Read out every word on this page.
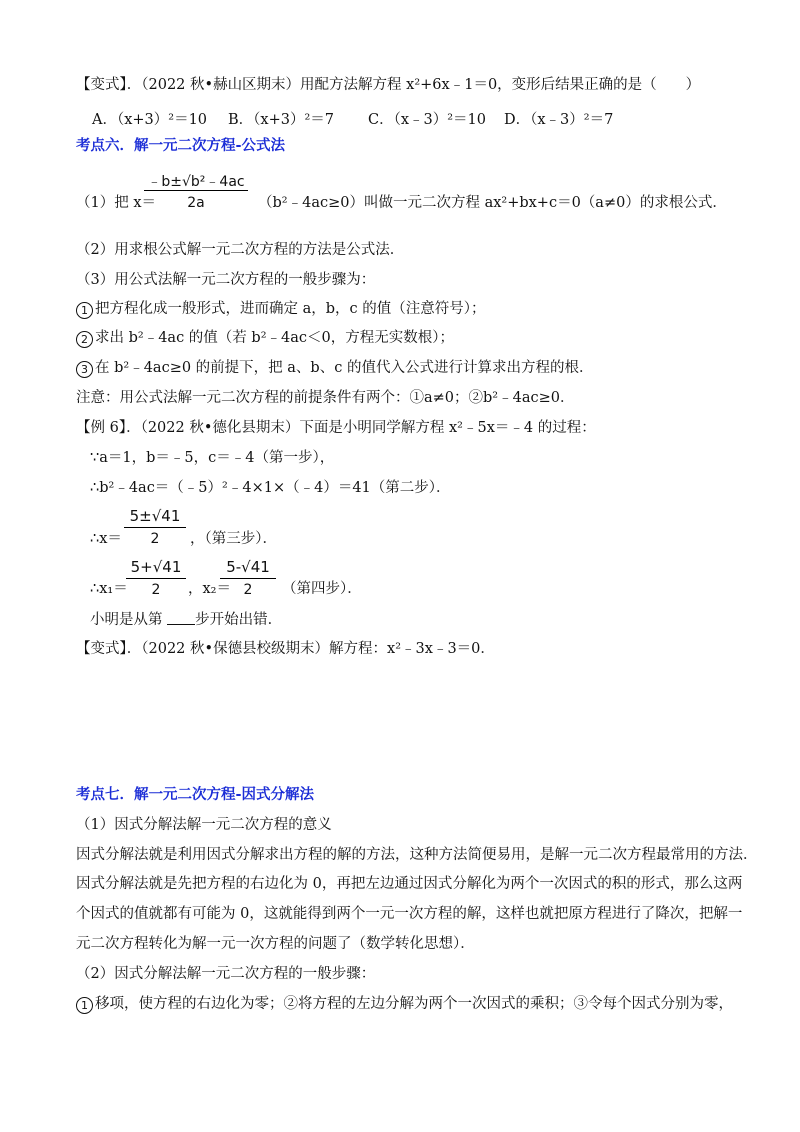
【变式】．（2022 秋•赫山区期末）用配方法解方程 x²+6x﹣1＝0，变形后结果正确的是（　　）
A．（x+3）²＝10 B．（x+3）²＝7 C．（x﹣3）²＝10 D．（x﹣3）²＝7
考点六．解一元二次方程-公式法
（1）把 x＝
﹣b±√b²﹣4ac
2a	（b²﹣4ac≥0）叫做一元二次方程 ax²+bx+c＝0（a≠0）的求根公式．
（2）用求根公式解一元二次方程的方法是公式法．
（3）用公式法解一元二次方程的一般步骤为：
1 把方程化成一般形式，进而确定 a，b，c 的值（注意符号）；
2 求出 b²﹣4ac 的值（若 b²﹣4ac＜0，方程无实数根）；
3 在 b²﹣4ac≥0 的前提下，把 a、b、c 的值代入公式进行计算求出方程的根．
注意：用公式法解一元二次方程的前提条件有两个：①a≠0；②b²﹣4ac≥0．
【例 6】．（2022 秋•德化县期末）下面是小明同学解方程 x²﹣5x＝﹣4 的过程：
∵a＝1，b＝﹣5，c＝﹣4（第一步），
∴b²﹣4ac＝（﹣5）²﹣4×1×（﹣4）＝41（第二步）．
∴x＝
5±√41
2	，（第三步）．
∴x₁＝
5+√41
2	，x₂＝
5-√41
2	（第四步）．
小明是从第 步开始出错．
【变式】．（2022 秋•保德县校级期末）解方程：x²﹣3x﹣3＝0．
考点七．解一元二次方程-因式分解法
（1）因式分解法解一元二次方程的意义
因式分解法就是利用因式分解求出方程的解的方法，这种方法简便易用，是解一元二次方程最常用的方法．
因式分解法就是先把方程的右边化为 0，再把左边通过因式分解化为两个一次因式的积的形式，那么这两
个因式的值就都有可能为 0，这就能得到两个一元一次方程的解，这样也就把原方程进行了降次，把解一
元二次方程转化为解一元一次方程的问题了（数学转化思想）．
（2）因式分解法解一元二次方程的一般步骤：
1 移项，使方程的右边化为零；②将方程的左边分解为两个一次因式的乘积；③令每个因式分别为零，
